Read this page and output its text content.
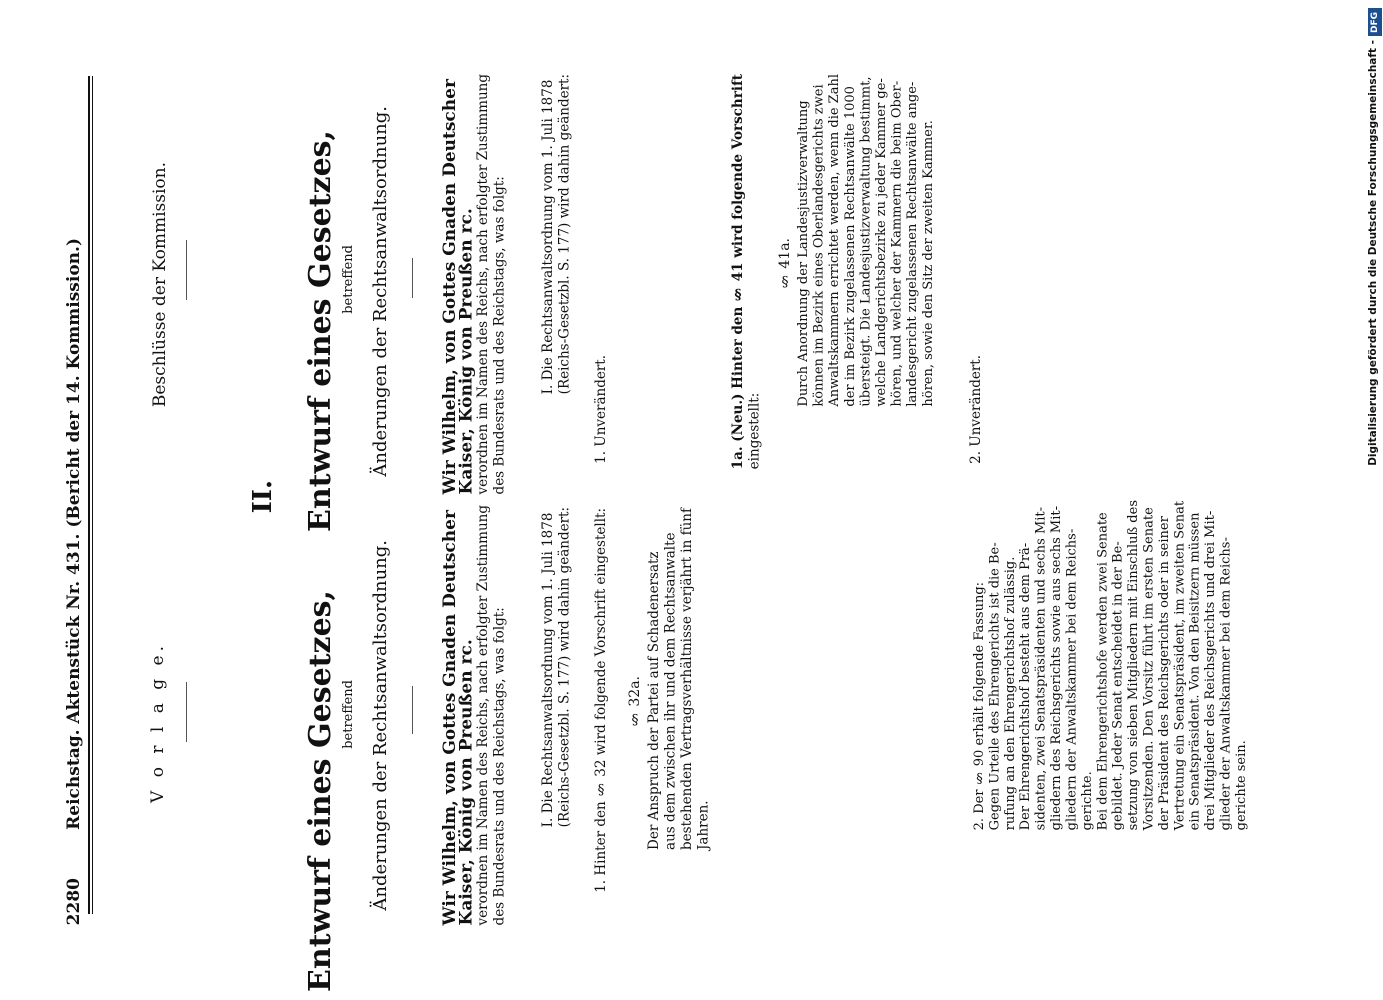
2280
Reichstag. Aktenstück Nr. 431. (Bericht der 14. Kommission.)	V o r l a g e.
Beschlüsse der Kommission.
II.
Entwurf eines Gesetzes, betreffend Änderungen der Rechtsanwaltsordnung.
Entwurf eines Gesetzes, betreffend Änderungen der Rechtsanwaltsordnung.
Wir Wilhelm, von Gottes Gnaden Deutscher
Kaiser, König von Preußen rc.
verordnen im Namen des Reichs, nach erfolgter Zustimmung des Bundesrats und des Reichstags, was folgt: I. Die Rechtsanwaltsordnung vom 1. Juli 1878 (Reichs-Gesetzbl. S. 177) wird dahin geändert: 1. Hinter den § 32 wird folgende Vorschrift eingestellt: § 32a. Der Anspruch der Partei auf Schadenersatz aus dem zwischen ihr und dem Rechtsanwalte bestehenden Vertragsverhältnisse verjährt in fünf Jahren.	2. Der § 90 erhält folgende Fassung: Gegen Urteile des Ehrengerichts ist die Be- rufung an den Ehrengerichtshof zulässig. Der Ehrengerichtshof besteht aus dem Prä- sidenten, zwei Senatspräsidenten und sechs Mit- gliedern des Reichsgerichts sowie aus sechs Mit- gliedern der Anwaltskammer bei dem Reichs- gerichte. Bei dem Ehrengerichtshofe werden zwei Senate gebildet. Jeder Senat entscheidet in der Be- setzung von sieben Mitgliedern mit Einschluß des Vorsitzenden. Den Vorsitz führt im ersten Senate der Präsident des Reichsgerichts oder in seiner Vertretung ein Senatspräsident, im zweiten Senat ein Senatspräsident. Von den Beisitzern müssen drei Mitglieder des Reichsgerichts und drei Mit- glieder der Anwaltskammer bei dem Reichs- gerichte sein.
Wir Wilhelm, von Gottes Gnaden Deutscher
Kaiser, König von Preußen rc.
verordnen im Namen des Reichs, nach erfolgter Zustimmung des Bundesrats und des Reichstags, was folgt: I. Die Rechtsanwaltsordnung vom 1. Juli 1878 (Reichs-Gesetzbl. S. 177) wird dahin geändert:
1. Unverändert.	1a. (Neu.) Hinter den § 41 wird folgende Vorschrift eingestellt:
§ 41a. Durch Anordnung der Landesjustizverwaltung können im Bezirk eines Oberlandesgerichts zwei Anwaltskammern errichtet werden, wenn die Zahl der im Bezirk zugelassenen Rechtsanwälte 1000 übersteigt. Die Landesjustizverwaltung bestimmt, welche Landgerichtsbezirke zu jeder Kammer ge- hören, und welcher der Kammern die beim Ober- landesgericht zugelassenen Rechtsanwälte ange- hören, sowie den Sitz der zweiten Kammer.
2. Unverändert.
DFG
Digitalisierung gefördert durch die Deutsche Forschungsgemeinschaft -
